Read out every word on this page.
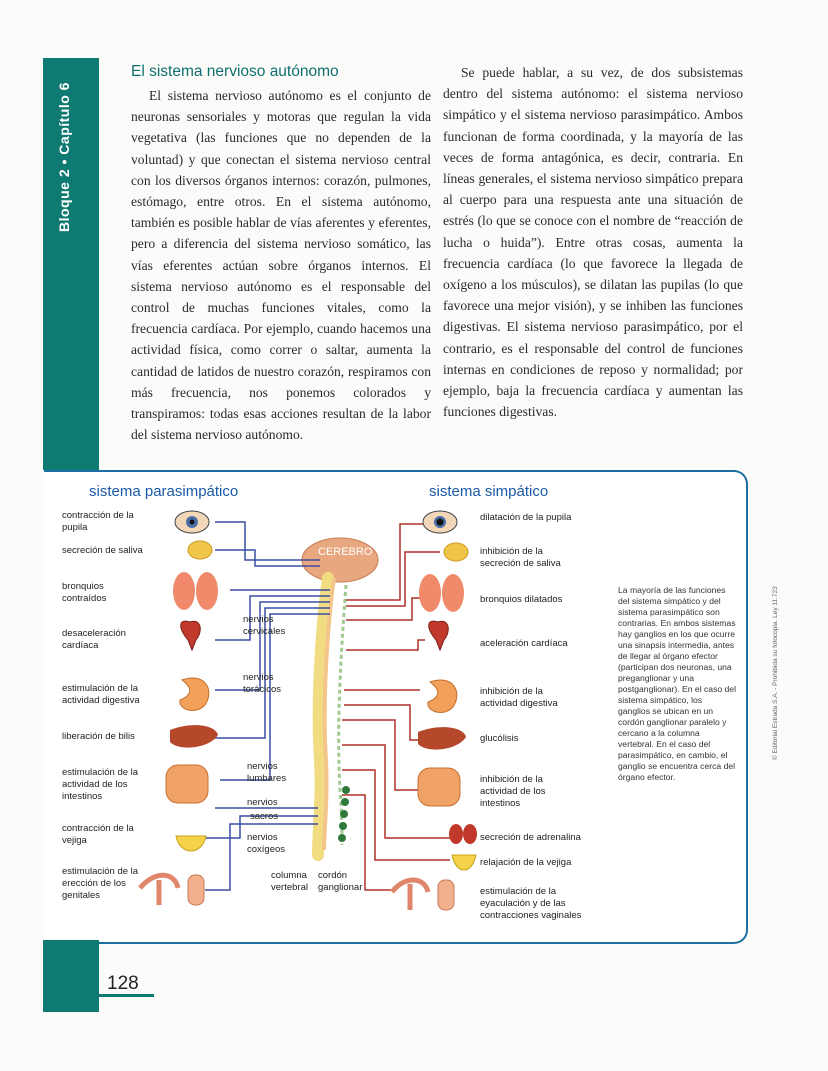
Bloque 2 • Capítulo 6
El sistema nervioso autónomo

El sistema nervioso autónomo es el conjunto de neuronas sensoriales y motoras que regulan la vida vegetativa (las funciones que no dependen de la voluntad) y que conectan el sistema nervioso central con los diversos órganos internos: corazón, pulmones, estómago, entre otros. En el sistema autónomo, también es posible hablar de vías aferentes y eferentes, pero a diferencia del sistema nervioso somático, las vías eferentes actúan sobre órganos internos. El sistema nervioso autónomo es el responsable del control de muchas funciones vitales, como la frecuencia cardíaca. Por ejemplo, cuando hacemos una actividad física, como correr o saltar, aumenta la cantidad de latidos de nuestro corazón, respiramos con más frecuencia, nos ponemos colorados y transpiramos: todas esas acciones resultan de la labor del sistema nervioso autónomo.

Se puede hablar, a su vez, de dos subsistemas dentro del sistema autónomo: el sistema nervioso simpático y el sistema nervioso parasimpático. Ambos funcionan de forma coordinada, y la mayoría de las veces de forma antagónica, es decir, contraria. En líneas generales, el sistema nervioso simpático prepara al cuerpo para una respuesta ante una situación de estrés (lo que se conoce con el nombre de “reacción de lucha o huida”). Entre otras cosas, aumenta la frecuencia cardíaca (lo que favorece la llegada de oxígeno a los músculos), se dilatan las pupilas (lo que favorece una mejor visión), y se inhiben las funciones digestivas. El sistema nervioso parasimpático, por el contrario, es el responsable del control de funciones internas en condiciones de reposo y normalidad; por ejemplo, baja la frecuencia cardíaca y aumentan las funciones digestivas.

CEREBRO
sistema parasimpático	sistema simpático
contracción de la pupila
secreción de saliva
bronquios contraídos
desaceleración cardíaca
estimulación de la actividad digestiva
liberación de bilis
estimulación de la actividad de los intestinos
contracción de la vejiga
estimulación de la erección de los genitales
dilatación de la pupila
inhibición de la secreción de saliva
bronquios dilatados
aceleración cardíaca
inhibición de la actividad digestiva
glucólisis
inhibición de la actividad de los intestinos
secreción de adrenalina
relajación de la vejiga
estimulación de la eyaculación y de las contracciones vaginales
nervios cervicales
nervios torácicos
nervios lumbares
nervios
sacros
nervios coxígeos
columna vertebral
cordón ganglionar
La mayoría de las funciones del sistema simpático y del sistema parasimpático son contrarias. En ambos sistemas hay ganglios en los que ocurre una sinapsis intermedia, antes de llegar al órgano efector (participan dos neuronas, una preganglionar y una postganglionar). En el caso del sistema simpático, los ganglios se ubican en un cordón ganglionar paralelo y cercano a la columna vertebral. En el caso del parasimpático, en cambio, el ganglio se encuentra cerca del órgano efector.
© Editorial Estrada S.A. - Prohibida su fotocopia. Ley 11.723
128
